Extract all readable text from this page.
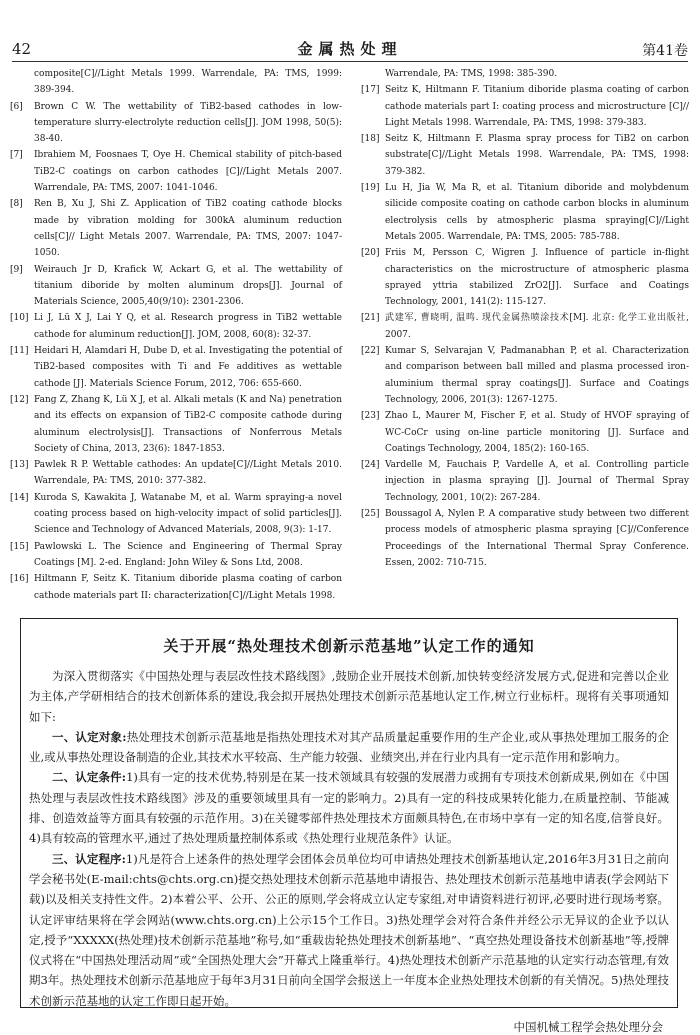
42	金属热处理	第41卷

composite[C]//Light Metals 1999. Warrendale, PA: TMS, 1999: 389-394.

[6] Brown C W. The wettability of TiB2-based cathodes in low-temperature slurry-electrolyte reduction cells[J]. JOM 1998, 50(5): 38-40.

[7] Ibrahiem M, Foosnaes T, Oye H. Chemical stability of pitch-based TiB2-C coatings on carbon cathodes [C]//Light Metals 2007. Warrendale, PA: TMS, 2007: 1041-1046.

[8] Ren B, Xu J, Shi Z. Application of TiB2 coating cathode blocks made by vibration molding for 300kA aluminum reduction cells[C]// Light Metals 2007. Warrendale, PA: TMS, 2007: 1047-1050.

[9] Weirauch Jr D, Krafick W, Ackart G, et al. The wettability of titanium diboride by molten aluminum drops[J]. Journal of Materials Science, 2005,40(9/10): 2301-2306.

[10] Li J, Lü X J, Lai Y Q, et al. Research progress in TiB2 wettable cathode for aluminum reduction[J]. JOM, 2008, 60(8): 32-37.

[11] Heidari H, Alamdari H, Dube D, et al. Investigating the potential of TiB2-based composites with Ti and Fe additives as wettable cathode [J]. Materials Science Forum, 2012, 706: 655-660.

[12] Fang Z, Zhang K, Lü X J, et al. Alkali metals (K and Na) penetration and its effects on expansion of TiB2-C composite cathode during aluminum electrolysis[J]. Transactions of Nonferrous Metals Society of China, 2013, 23(6): 1847-1853.

[13] Pawlek R P. Wettable cathodes: An update[C]//Light Metals 2010. Warrendale, PA: TMS, 2010: 377-382.

[14] Kuroda S, Kawakita J, Watanabe M, et al. Warm spraying-a novel coating process based on high-velocity impact of solid particles[J]. Science and Technology of Advanced Materials, 2008, 9(3): 1-17.

[15] Pawlowski L. The Science and Engineering of Thermal Spray Coatings [M]. 2-ed. England: John Wiley & Sons Ltd, 2008.

[16] Hiltmann F, Seitz K. Titanium diboride plasma coating of carbon cathode materials part II: characterization[C]//Light Metals 1998.

Warrendale, PA: TMS, 1998: 385-390.

[17] Seitz K, Hiltmann F. Titanium diboride plasma coating of carbon cathode materials part I: coating process and microstructure [C]// Light Metals 1998. Warrendale, PA: TMS, 1998: 379-383.

[18] Seitz K, Hiltmann F. Plasma spray process for TiB2 on carbon substrate[C]//Light Metals 1998. Warrendale, PA: TMS, 1998: 379-382.

[19] Lu H, Jia W, Ma R, et al. Titanium diboride and molybdenum silicide composite coating on cathode carbon blocks in aluminum electrolysis cells by atmospheric plasma spraying[C]//Light Metals 2005. Warrendale, PA: TMS, 2005: 785-788.

[20] Friis M, Persson C, Wigren J. Influence of particle in-flight characteristics on the microstructure of atmospheric plasma sprayed yttria stabilized ZrO2[J]. Surface and Coatings Technology, 2001, 141(2): 115-127.

[21] 武建军, 曹晓明, 温鸣. 现代金属热喷涂技术[M]. 北京: 化学工业出版社, 2007.

[22] Kumar S, Selvarajan V, Padmanabhan P, et al. Characterization and comparison between ball milled and plasma processed iron-aluminium thermal spray coatings[J]. Surface and Coatings Technology, 2006, 201(3): 1267-1275.

[23] Zhao L, Maurer M, Fischer F, et al. Study of HVOF spraying of WC-CoCr using on-line particle monitoring [J]. Surface and Coatings Technology, 2004, 185(2): 160-165.

[24] Vardelle M, Fauchais P, Vardelle A, et al. Controlling particle injection in plasma spraying [J]. Journal of Thermal Spray Technology, 2001, 10(2): 267-284.

[25] Boussagol A, Nylen P. A comparative study between two different process models of atmospheric plasma spraying [C]//Conference Proceedings of the International Thermal Spray Conference. Essen, 2002: 710-715.

关于开展“热处理技术创新示范基地”认定工作的通知

为深入贯彻落实《中国热处理与表层改性技术路线图》,鼓励企业开展技术创新,加快转变经济发展方式,促进和完善以企业为主体,产学研相结合的技术创新体系的建设,我会拟开展热处理技术创新示范基地认定工作,树立行业标杆。现将有关事项通知如下:

一、认定对象:热处理技术创新示范基地是指热处理技术对其产品质量起重要作用的生产企业,或从事热处理加工服务的企业,或从事热处理设备制造的企业,其技术水平较高、生产能力较强、业绩突出,并在行业内具有一定示范作用和影响力。

二、认定条件:1)具有一定的技术优势,特别是在某一技术领域具有较强的发展潜力或拥有专项技术创新成果,例如在《中国热处理与表层改性技术路线图》涉及的重要领域里具有一定的影响力。2)具有一定的科技成果转化能力,在质量控制、节能减排、创造效益等方面具有较强的示范作用。3)在关键零部件热处理技术方面颇具特色,在市场中享有一定的知名度,信誉良好。4)具有较高的管理水平,通过了热处理质量控制体系或《热处理行业规范条件》认证。

三、认定程序:1)凡是符合上述条件的热处理学会团体会员单位均可申请热处理技术创新基地认定,2016年3月31日之前向学会秘书处(E-mail:chts@chts.org.cn)提交热处理技术创新示范基地申请报告、热处理技术创新示范基地申请表(学会网站下载)以及相关支持性文件。2)本着公平、公开、公正的原则,学会将成立认定专家组,对申请资料进行初评,必要时进行现场考察。认定评审结果将在学会网站(www.chts.org.cn)上公示15个工作日。3)热处理学会对符合条件并经公示无异议的企业予以认定,授予“XXXXX(热处理)技术创新示范基地”称号,如“重载齿轮热处理技术创新基地”、“真空热处理设备技术创新基地”等,授牌仪式将在“中国热处理活动周”或“全国热处理大会”开幕式上隆重举行。4)热处理技术创新产示范基地的认定实行动态管理,有效期3年。热处理技术创新示范基地应于每年3月31日前向全国学会报送上一年度本企业热处理技术创新的有关情况。5)热处理技术创新示范基地的认定工作即日起开始。

中国机械工程学会热处理分会
